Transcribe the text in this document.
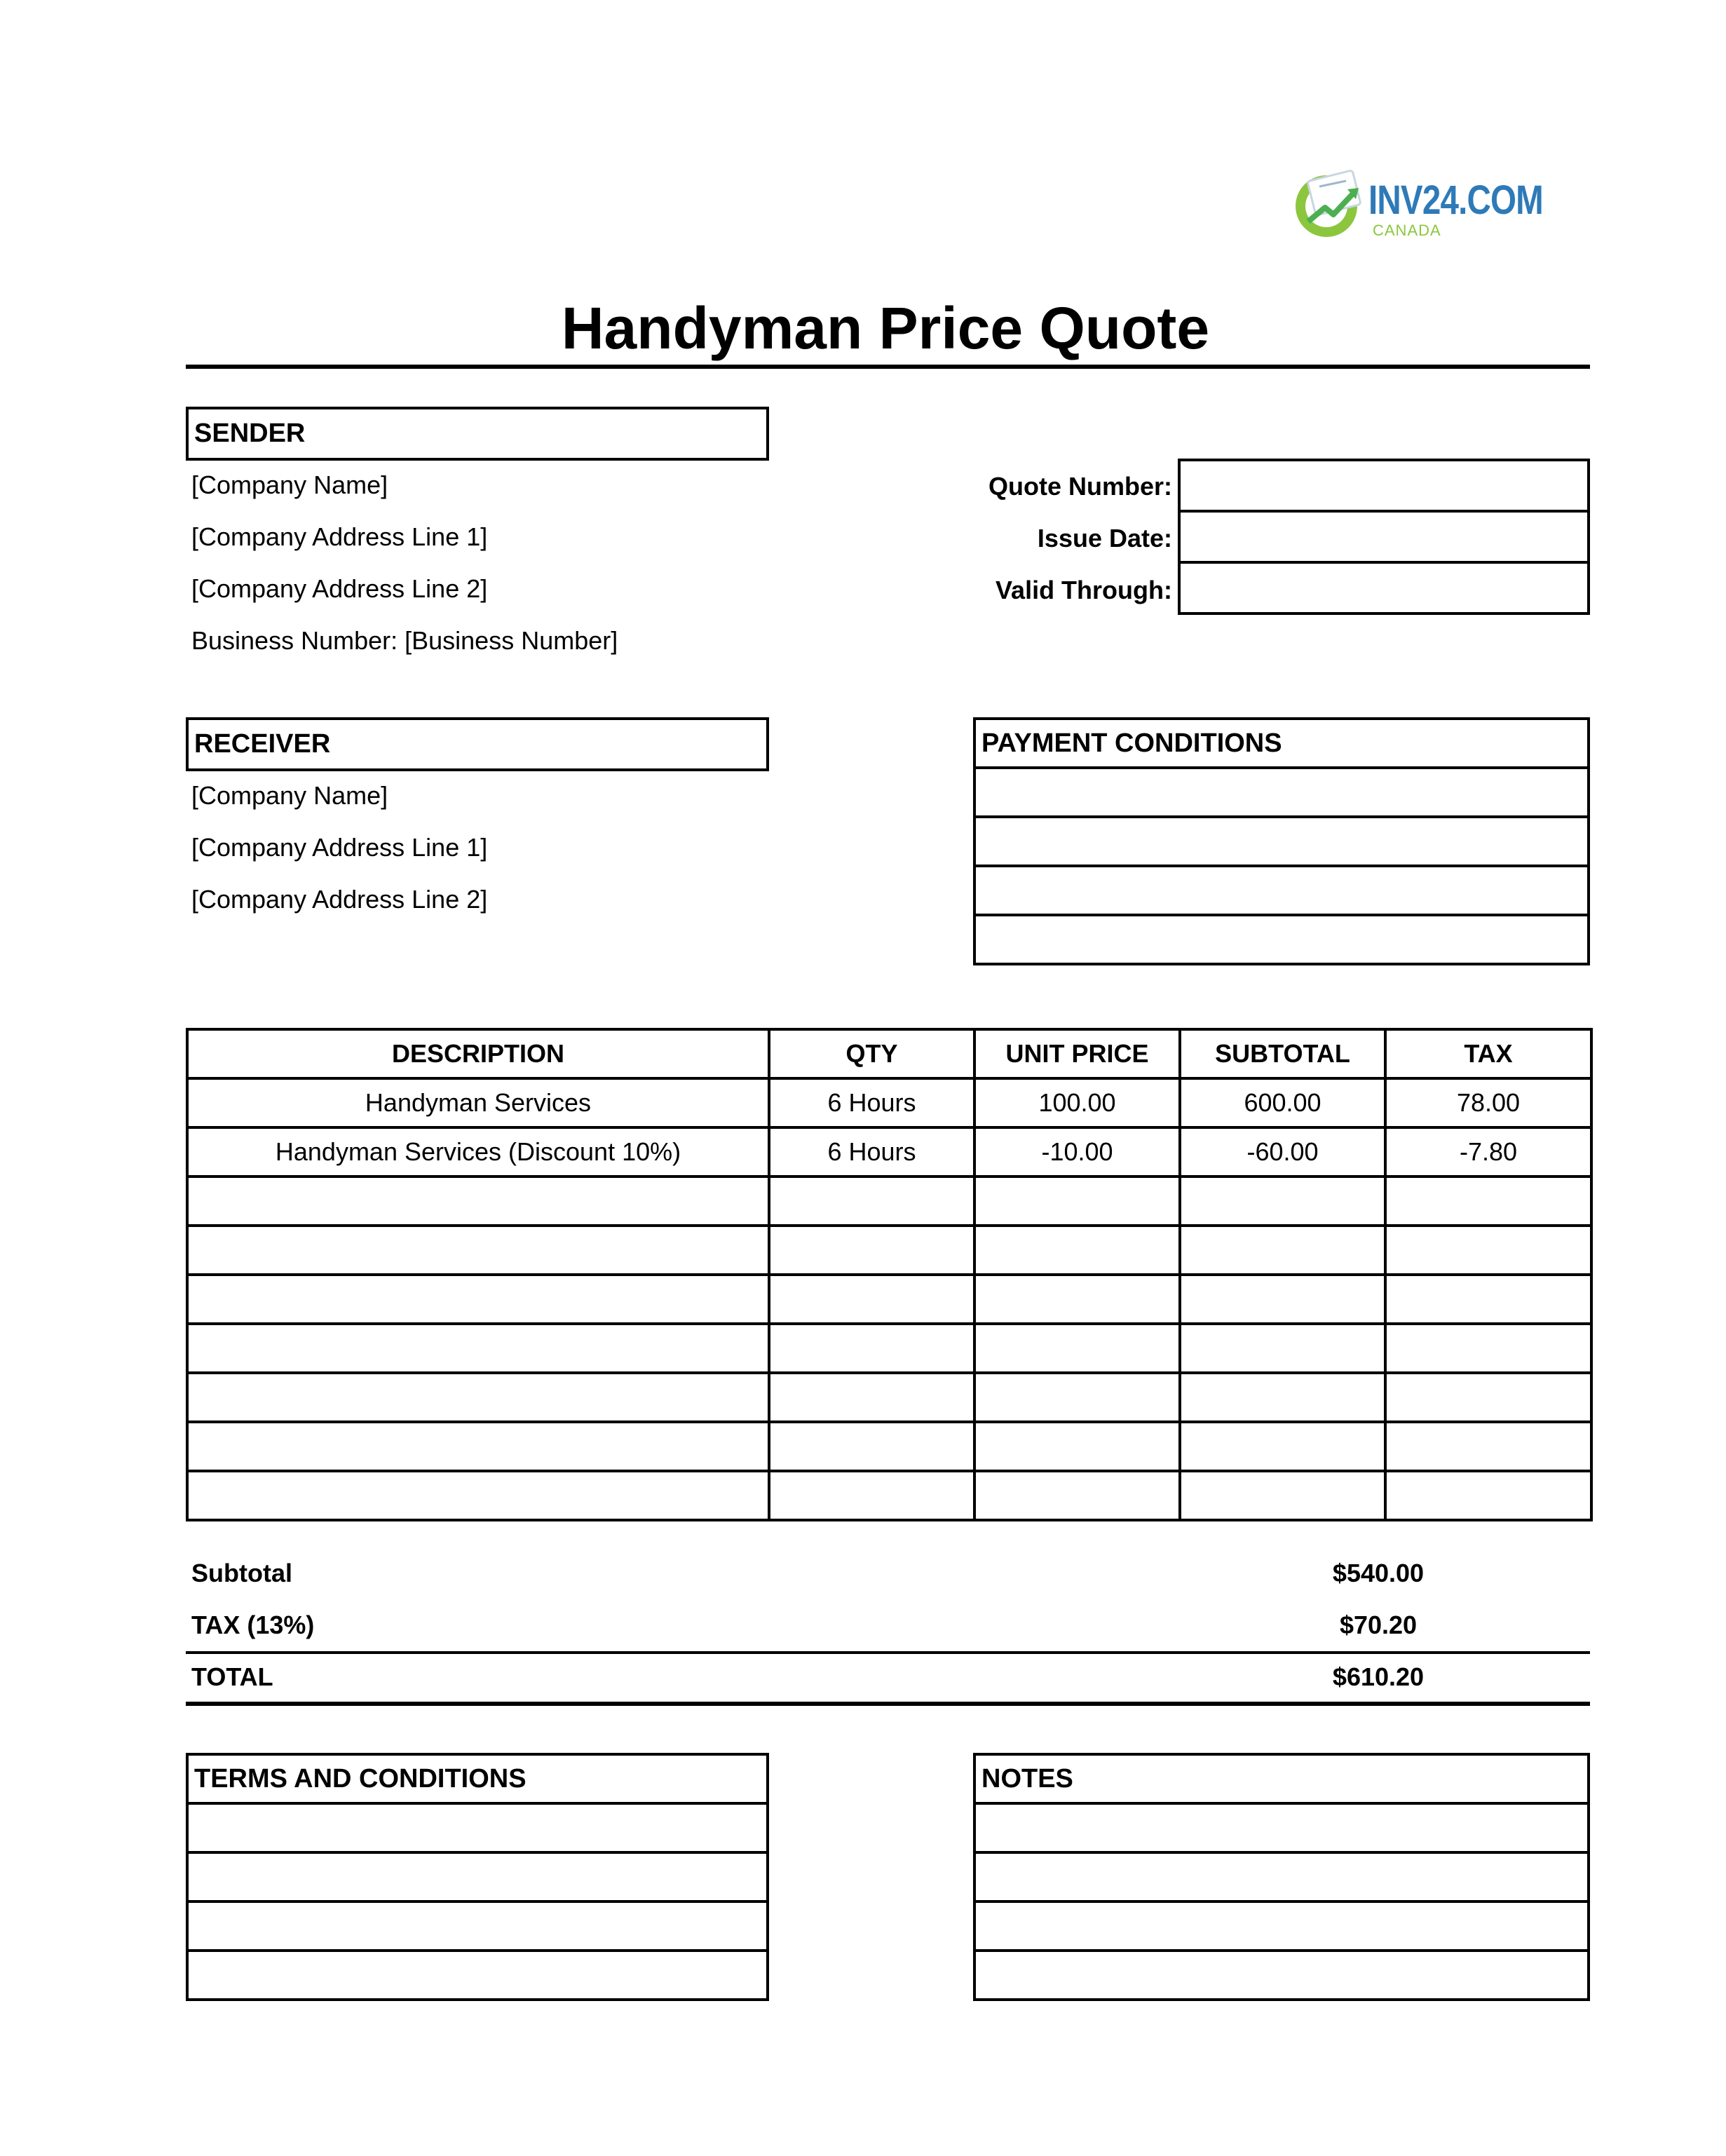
INV24.COM
CANADA
Handyman Price Quote
SENDER
[Company Name]
[Company Address Line 1]
[Company Address Line 2]
Business Number: [Business Number]
Quote Number:
Issue Date:
Valid Through:
RECEIVER
[Company Name]
[Company Address Line 1]
[Company Address Line 2]
PAYMENT CONDITIONS

DESCRIPTION	QTY	UNIT PRICE	SUBTOTAL	TAX
Handyman Services	6 Hours	100.00	600.00	78.00
Handyman Services (Discount 10%)	6 Hours	-10.00	-60.00	-7.80

Subtotal	$540.00
TAX (13%)	$70.20
TOTAL	$610.20
TERMS AND CONDITIONS	NOTES
